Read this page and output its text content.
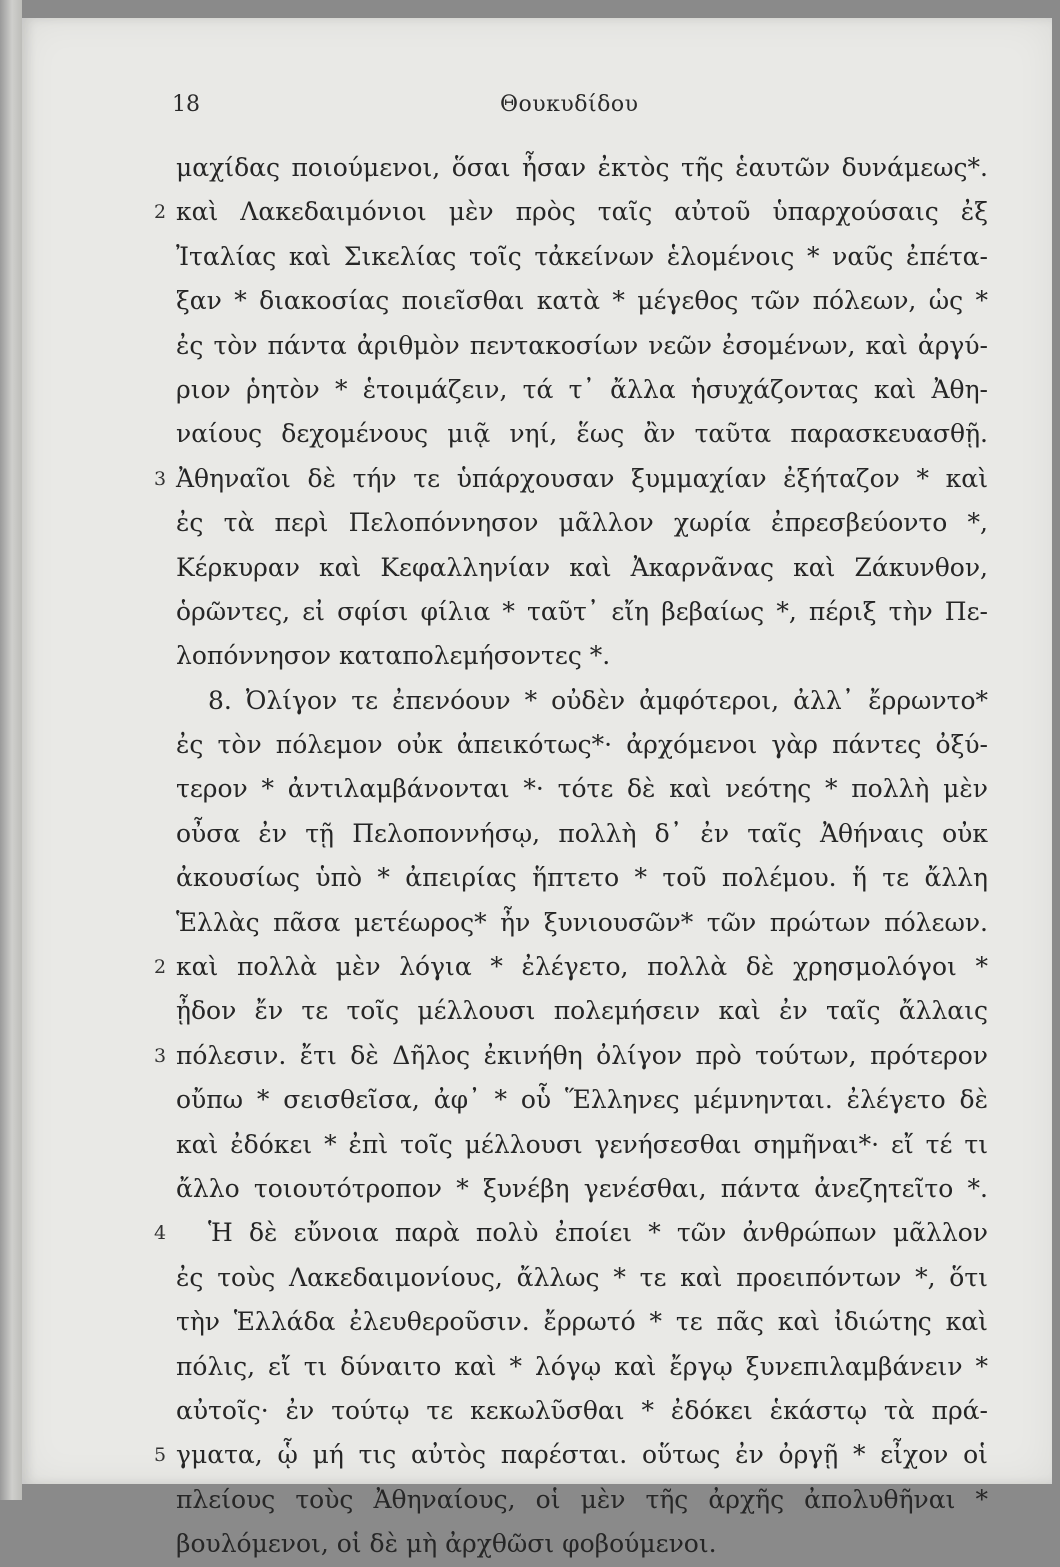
18	Θουκυδίδου
μαχίδας ποιούμενοι, ὅσαι ἦσαν ἐκτὸς τῆς ἑαυτῶν δυνάμεως*.
2 καὶ Λακεδαιμόνιοι μὲν πρὸς ταῖς αὐτοῦ ὑπαρχούσαις ἐξ
Ἰταλίας καὶ Σικελίας τοῖς τἀκείνων ἑλομένοις * ναῦς ἐπέτα-
ξαν * διακοσίας ποιεῖσθαι κατὰ * μέγεθος τῶν πόλεων, ὡς *
ἐς τὸν πάντα ἀριθμὸν πεντακοσίων νεῶν ἐσομένων, καὶ ἀργύ-
ριον ῥητὸν * ἑτοιμάζειν, τά τ᾽ ἄλλα ἡσυχάζοντας καὶ Ἀθη-
ναίους δεχομένους μιᾷ νηί, ἕως ἂν ταῦτα παρασκευασθῇ.
3 Ἀθηναῖοι δὲ τήν τε ὑπάρχουσαν ξυμμαχίαν ἐξήταζον * καὶ
ἐς τὰ περὶ Πελοπόννησον μᾶλλον χωρία ἐπρεσβεύοντο *,
Κέρκυραν καὶ Κεφαλληνίαν καὶ Ἀκαρνᾶνας καὶ Ζάκυνθον,
ὁρῶντες, εἰ σφίσι φίλια * ταῦτ᾽ εἴη βεβαίως *, πέριξ τὴν Πε-
λοπόννησον καταπολεμήσοντες *.
8. Ὀλίγον τε ἐπενόουν * οὐδὲν ἀμφότεροι, ἀλλ᾽ ἔρρωντο*
ἐς τὸν πόλεμον οὐκ ἀπεικότως*· ἀρχόμενοι γὰρ πάντες ὀξύ-
τερον * ἀντιλαμβάνονται *· τότε δὲ καὶ νεότης * πολλὴ μὲν
οὖσα ἐν τῇ Πελοποννήσῳ, πολλὴ δ᾽ ἐν ταῖς Ἀθήναις οὐκ
ἀκουσίως ὑπὸ * ἀπειρίας ἥπτετο * τοῦ πολέμου. ἥ τε ἄλλη
Ἑλλὰς πᾶσα μετέωρος* ἦν ξυνιουσῶν* τῶν πρώτων πόλεων.
2 καὶ πολλὰ μὲν λόγια * ἐλέγετο, πολλὰ δὲ χρησμολόγοι *
ᾖδον ἔν τε τοῖς μέλλουσι πολεμήσειν καὶ ἐν ταῖς ἄλλαις
3 πόλεσιν. ἔτι δὲ Δῆλος ἐκινήθη ὀλίγον πρὸ τούτων, πρότερον
οὔπω * σεισθεῖσα, ἀφ᾽ * οὗ Ἕλληνες μέμνηνται. ἐλέγετο δὲ
καὶ ἐδόκει * ἐπὶ τοῖς μέλλουσι γενήσεσθαι σημῆναι*· εἴ τέ τι
ἄλλο τοιουτότροπον * ξυνέβη γενέσθαι, πάντα ἀνεζητεῖτο *.
4 Ἡ δὲ εὔνοια παρὰ πολὺ ἐποίει * τῶν ἀνθρώπων μᾶλλον
ἐς τοὺς Λακεδαιμονίους, ἄλλως * τε καὶ προειπόντων *, ὅτι
τὴν Ἑλλάδα ἐλευθεροῦσιν. ἔρρωτό * τε πᾶς καὶ ἰδιώτης καὶ
πόλις, εἴ τι δύναιτο καὶ * λόγῳ καὶ ἔργῳ ξυνεπιλαμβάνειν *
αὐτοῖς· ἐν τούτῳ τε κεκωλῦσθαι * ἐδόκει ἑκάστῳ τὰ πρά-
5 γματα, ᾧ μή τις αὐτὸς παρέσται. οὕτως ἐν ὀργῇ * εἶχον οἱ
πλείους τοὺς Ἀθηναίους, οἱ μὲν τῆς ἀρχῆς ἀπολυθῆναι *
βουλόμενοι, οἱ δὲ μὴ ἀρχθῶσι φοβούμενοι.
